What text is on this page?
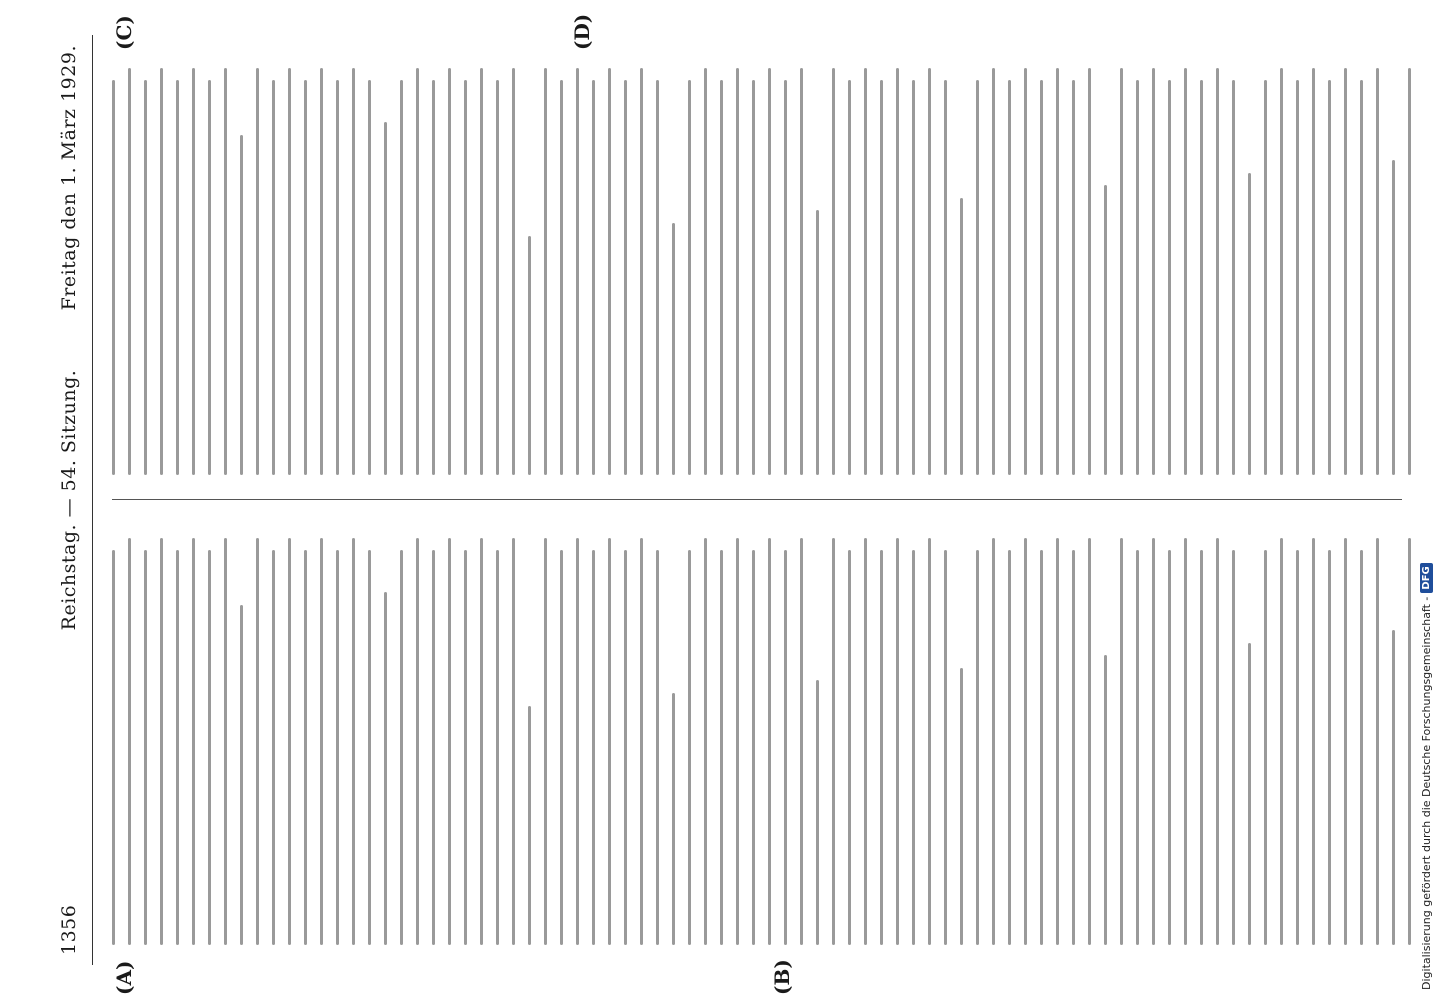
1356
Reichstag. — 54. Sitzung.
Freitag den 1. März 1929.
(A)	(B)
(C)	(D)
Digitalisierung gefördert durch die Deutsche Forschungsgemeinschaft -
DFG
